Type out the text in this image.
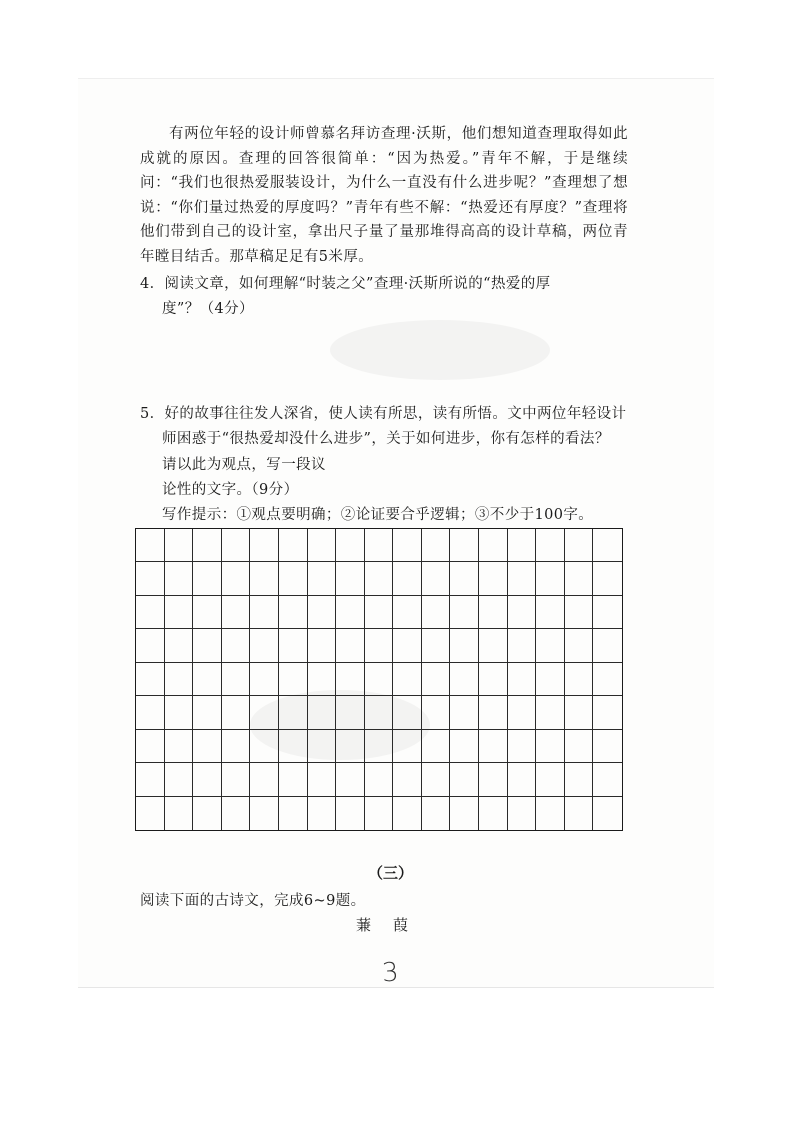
有两位年轻的设计师曾慕名拜访查理·沃斯，他们想知道查理取得如此成就的原因。查理的回答很简单：“因为热爱。”青年不解，于是继续问：“我们也很热爱服装设计，为什么一直没有什么进步呢？”查理想了想说：“你们量过热爱的厚度吗？”青年有些不解：“热爱还有厚度？”查理将他们带到自己的设计室，拿出尺子量了量那堆得高高的设计草稿，两位青年瞠目结舌。那草稿足足有5米厚。

4．阅读文章，如何理解“时装之父”查理·沃斯所说的“热爱的厚

度”？（4分）

5．好的故事往往发人深省，使人读有所思，读有所悟。文中两位年轻设计

师困惑于“很热爱却没什么进步”，关于如何进步，你有怎样的看法？

请以此为观点，写一段议

论性的文字。（9分）

写作提示：①观点要明确；②论证要合乎逻辑；③不少于100字。

（三）

阅读下面的古诗文，完成6~9题。

蒹葭

3
